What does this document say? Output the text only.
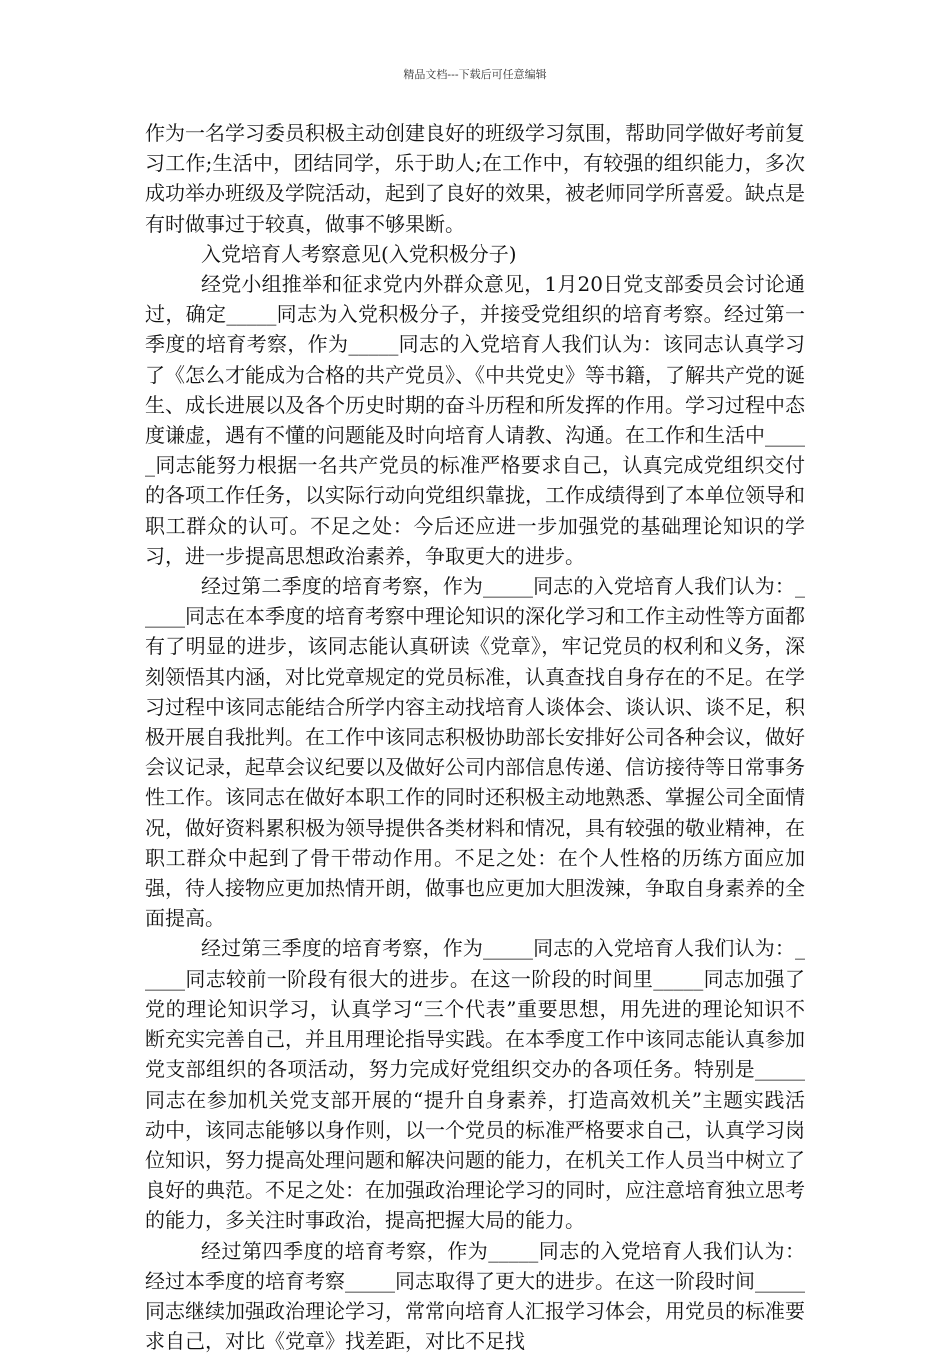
精品文档---下载后可任意编辑

作为一名学习委员积极主动创建良好的班级学习氛围，帮助同学做好考前复习工作;生活中，团结同学，乐于助人;在工作中，有较强的组织能力，多次成功举办班级及学院活动，起到了良好的效果，被老师同学所喜爱。缺点是有时做事过于较真，做事不够果断。

入党培育人考察意见(入党积极分子)

经党小组推举和征求党内外群众意见，1月20日党支部委员会讨论通过，确定_____同志为入党积极分子，并接受党组织的培育考察。经过第一季度的培育考察，作为_____同志的入党培育人我们认为：该同志认真学习了《怎么才能成为合格的共产党员》、《中共党史》等书籍，了解共产党的诞生、成长进展以及各个历史时期的奋斗历程和所发挥的作用。学习过程中态度谦虚，遇有不懂的问题能及时向培育人请教、沟通。在工作和生活中_____同志能努力根据一名共产党员的标准严格要求自己，认真完成党组织交付的各项工作任务，以实际行动向党组织靠拢，工作成绩得到了本单位领导和职工群众的认可。不足之处：今后还应进一步加强党的基础理论知识的学习，进一步提高思想政治素养，争取更大的进步。

经过第二季度的培育考察，作为_____同志的入党培育人我们认为：_____同志在本季度的培育考察中理论知识的深化学习和工作主动性等方面都有了明显的进步，该同志能认真研读《党章》，牢记党员的权利和义务，深刻领悟其内涵，对比党章规定的党员标准，认真查找自身存在的不足。在学习过程中该同志能结合所学内容主动找培育人谈体会、谈认识、谈不足，积极开展自我批判。在工作中该同志积极协助部长安排好公司各种会议，做好会议记录，起草会议纪要以及做好公司内部信息传递、信访接待等日常事务性工作。该同志在做好本职工作的同时还积极主动地熟悉、掌握公司全面情况，做好资料累积极为领导提供各类材料和情况，具有较强的敬业精神，在职工群众中起到了骨干带动作用。不足之处：在个人性格的历练方面应加强，待人接物应更加热情开朗，做事也应更加大胆泼辣，争取自身素养的全面提高。

经过第三季度的培育考察，作为_____同志的入党培育人我们认为：_____同志较前一阶段有很大的进步。在这一阶段的时间里_____同志加强了党的理论知识学习，认真学习“三个代表”重要思想，用先进的理论知识不断充实完善自己，并且用理论指导实践。在本季度工作中该同志能认真参加党支部组织的各项活动，努力完成好党组织交办的各项任务。特别是_____同志在参加机关党支部开展的“提升自身素养，打造高效机关”主题实践活动中，该同志能够以身作则，以一个党员的标准严格要求自己，认真学习岗位知识，努力提高处理问题和解决问题的能力，在机关工作人员当中树立了良好的典范。不足之处：在加强政治理论学习的同时，应注意培育独立思考的能力，多关注时事政治，提高把握大局的能力。

经过第四季度的培育考察，作为_____同志的入党培育人我们认为：经过本季度的培育考察_____同志取得了更大的进步。在这一阶段时间_____同志继续加强政治理论学习，常常向培育人汇报学习体会，用党员的标准要求自己，对比《党章》找差距，对比不足找
